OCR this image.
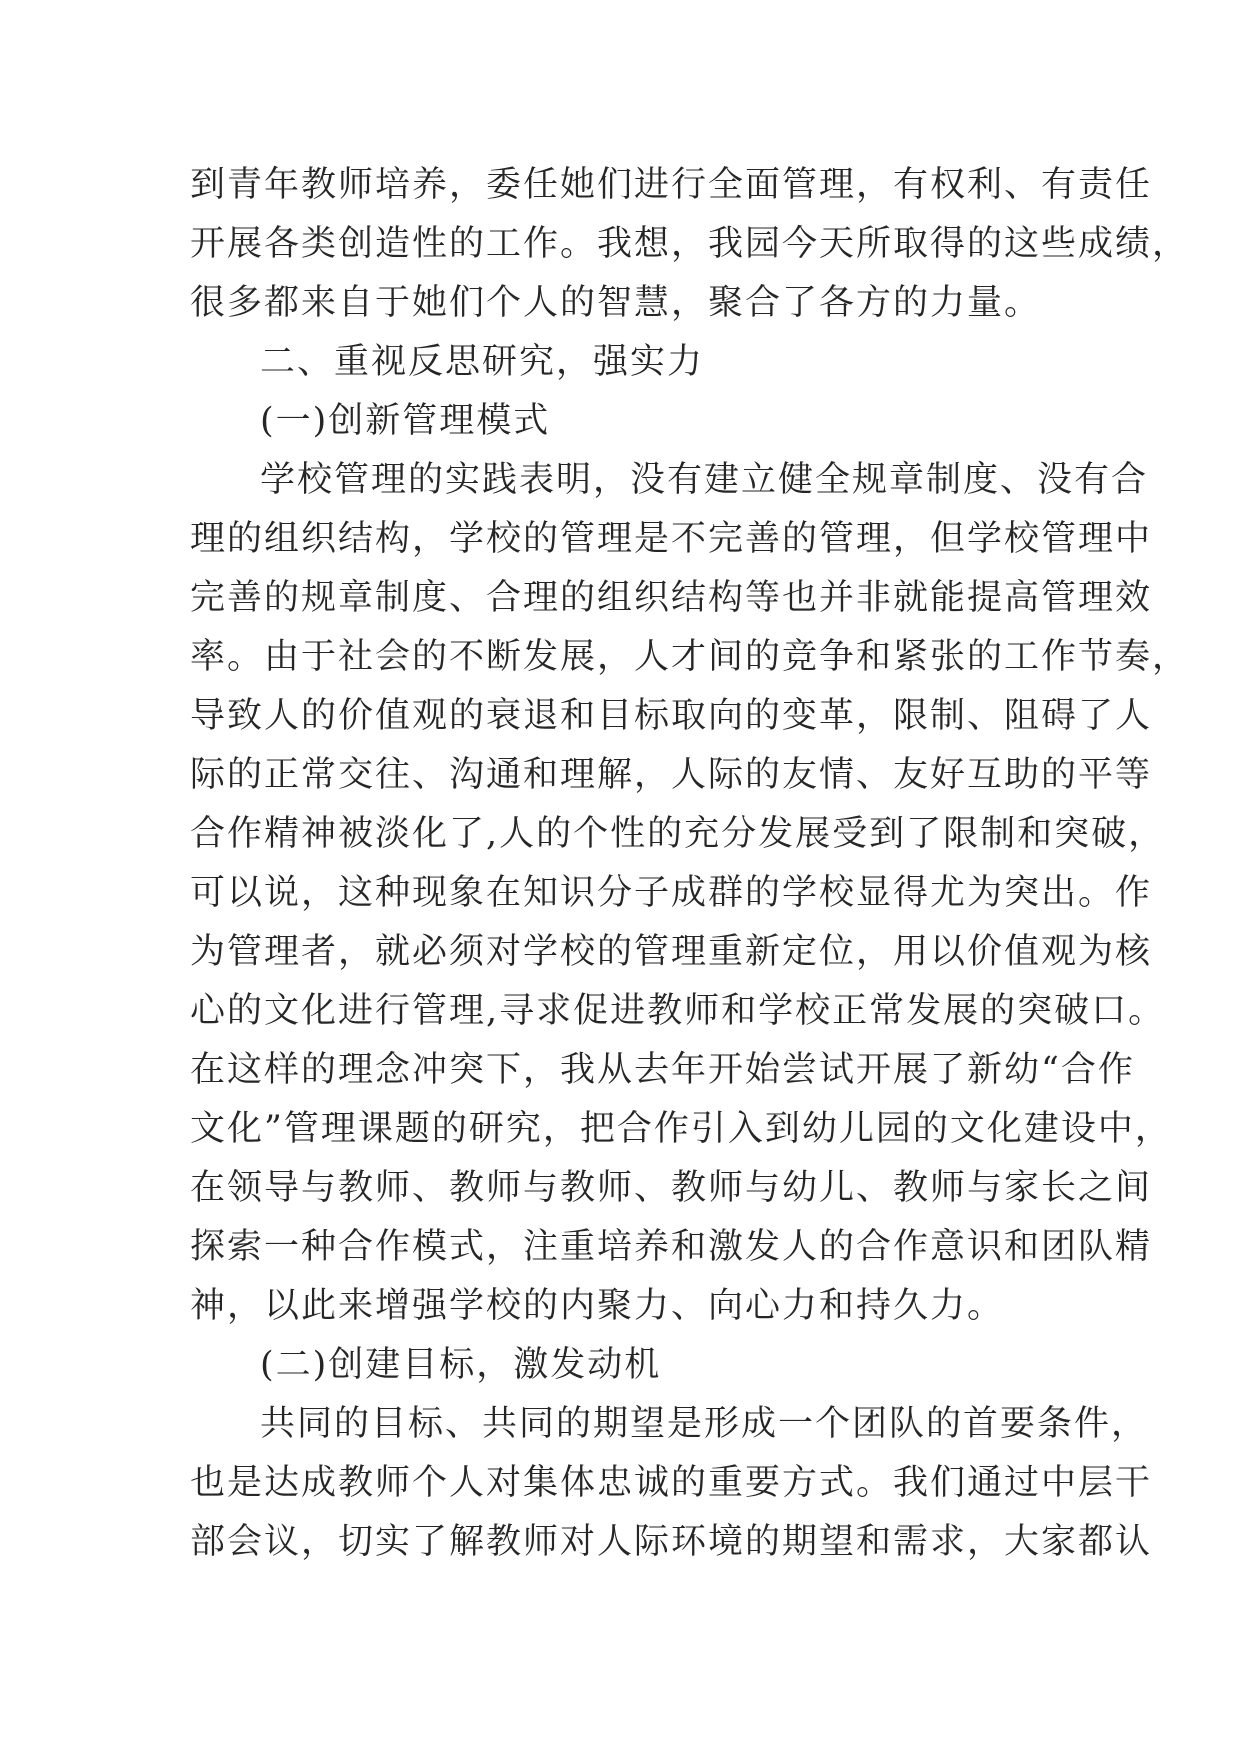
到青年教师培养，委任她们进行全面管理，有权利、有责任
开展各类创造性的工作。我想，我园今天所取得的这些成绩，
很多都来自于她们个人的智慧，聚合了各方的力量。
二、重视反思研究，强实力
(一)创新管理模式
学校管理的实践表明，没有建立健全规章制度、没有合
理的组织结构，学校的管理是不完善的管理，但学校管理中
完善的规章制度、合理的组织结构等也并非就能提高管理效
率。由于社会的不断发展，人才间的竞争和紧张的工作节奏，
导致人的价值观的衰退和目标取向的变革，限制、阻碍了人
际的正常交往、沟通和理解，人际的友情、友好互助的平等
合作精神被淡化了,人的个性的充分发展受到了限制和突破，
可以说，这种现象在知识分子成群的学校显得尤为突出。作
为管理者，就必须对学校的管理重新定位，用以价值观为核
心的文化进行管理,寻求促进教师和学校正常发展的突破口。
在这样的理念冲突下，我从去年开始尝试开展了新幼“合作
文化”管理课题的研究，把合作引入到幼儿园的文化建设中，
在领导与教师、教师与教师、教师与幼儿、教师与家长之间
探索一种合作模式，注重培养和激发人的合作意识和团队精
神，以此来增强学校的内聚力、向心力和持久力。
(二)创建目标，激发动机
共同的目标、共同的期望是形成一个团队的首要条件，
也是达成教师个人对集体忠诚的重要方式。我们通过中层干
部会议，切实了解教师对人际环境的期望和需求，大家都认
